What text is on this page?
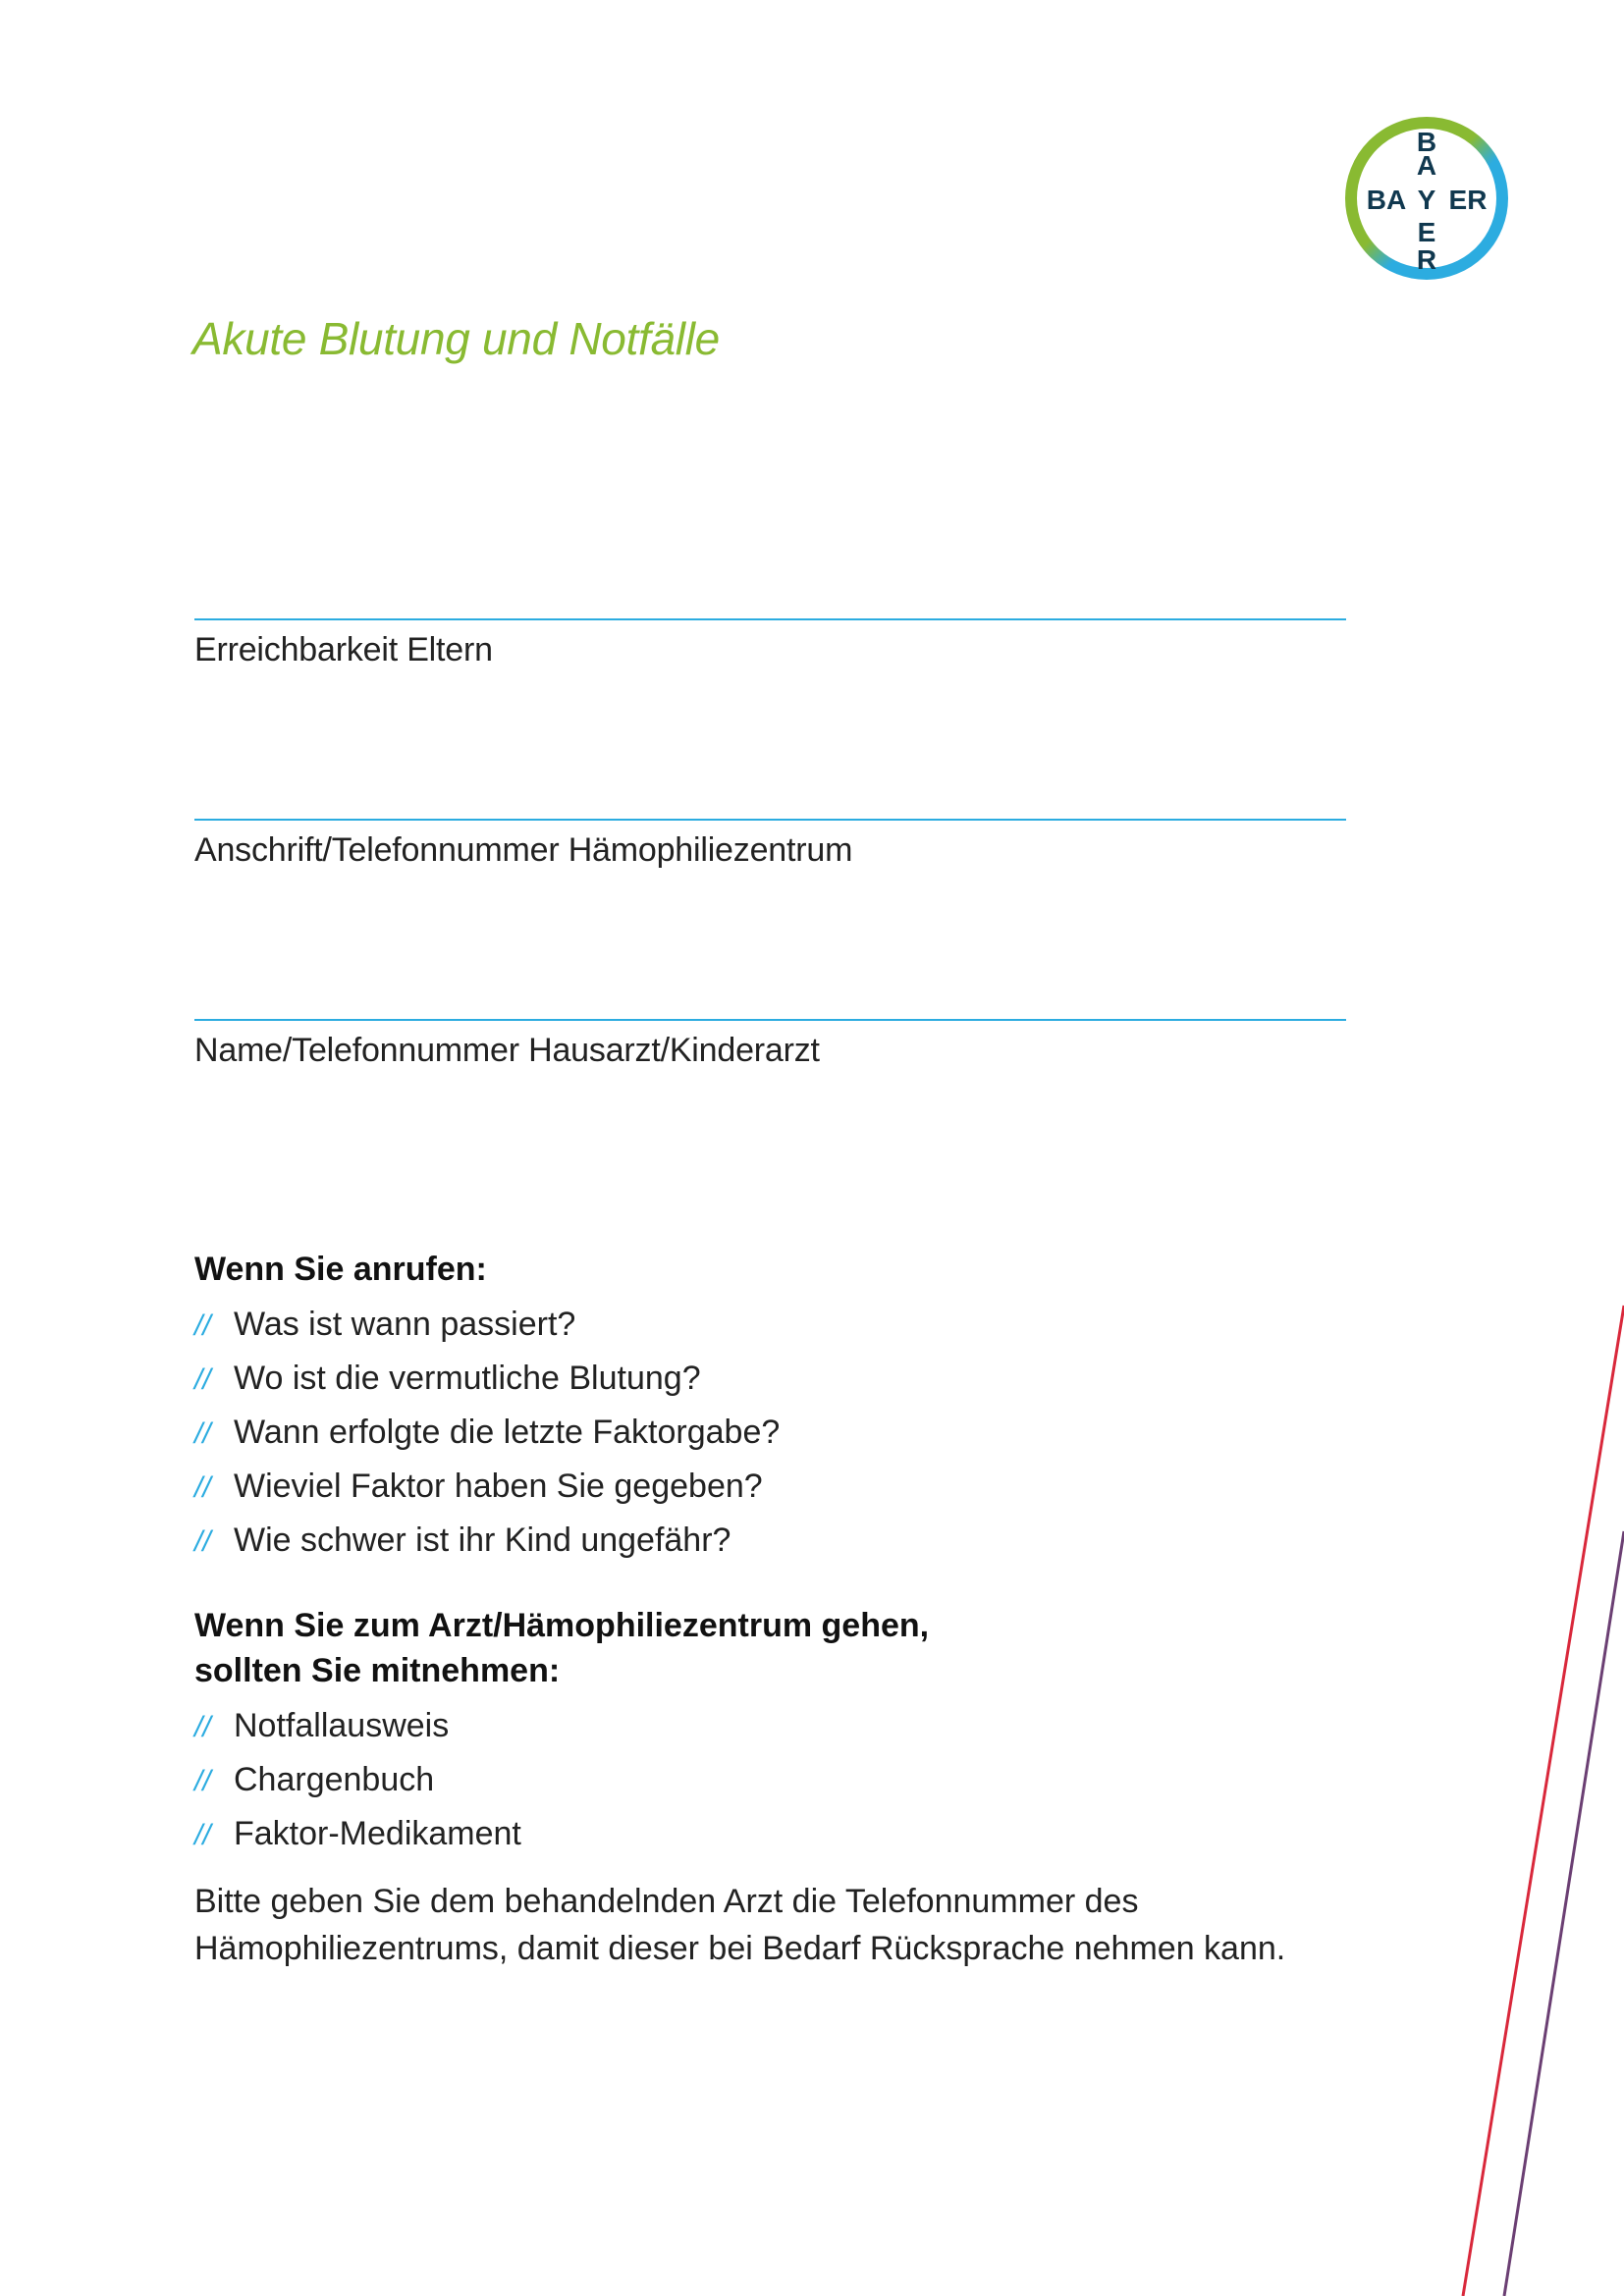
B
A
BA Y ER
E
R
Akute Blutung und Notfälle
Erreichbarkeit Eltern
Anschrift/Telefonnummer Hämophiliezentrum
Name/Telefonnummer Hausarzt/Kinderarzt
Wenn Sie anrufen:
// Was ist wann passiert?
// Wo ist die vermutliche Blutung?
// Wann erfolgte die letzte Faktorgabe?
// Wieviel Faktor haben Sie gegeben?
// Wie schwer ist ihr Kind ungefähr?
Wenn Sie zum Arzt/Hämophiliezentrum gehen,
sollten Sie mitnehmen:
// Notfallausweis
// Chargenbuch
// Faktor-Medikament

Bitte geben Sie dem behandelnden Arzt die Telefonnummer des
Hämophiliezentrums, damit dieser bei Bedarf Rücksprache nehmen kann.
